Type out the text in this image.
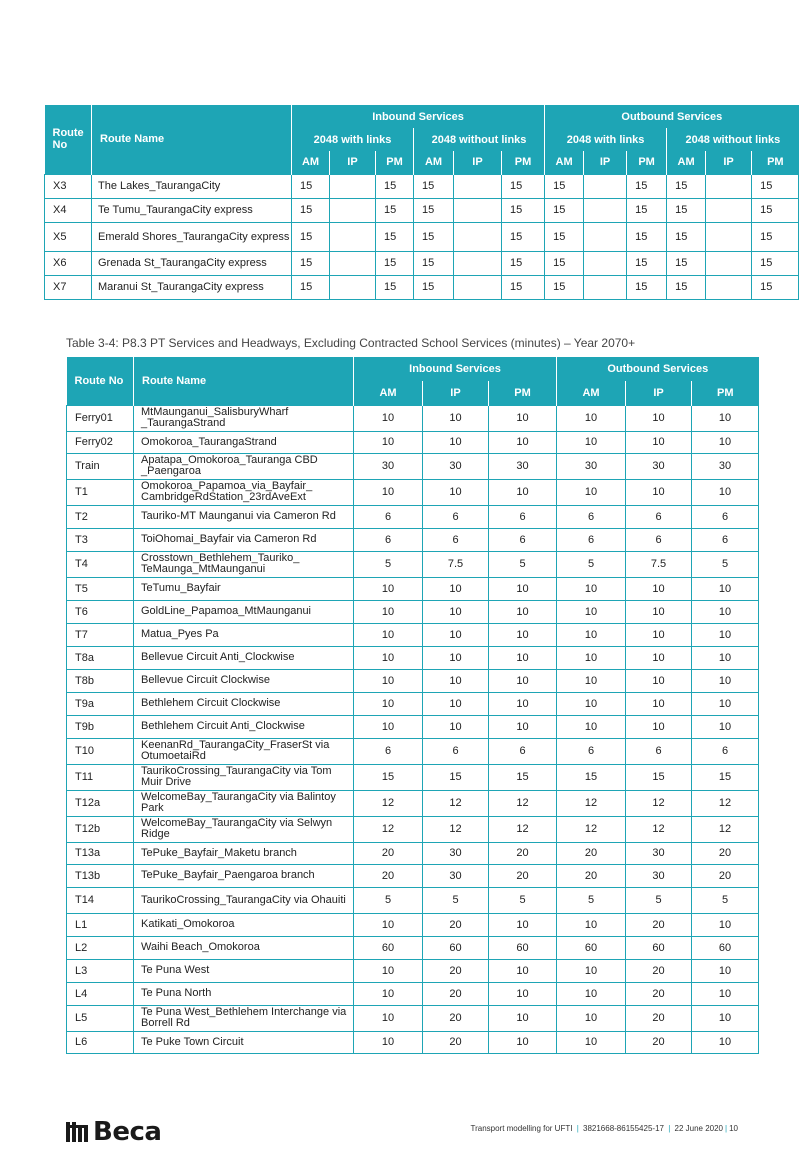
Route No	Route Name	Inbound Services						Outbound Services					
		2048 with links			2048 without links			2048 with links			2048 without links		
		AM	IP	PM	AM	IP	PM	AM	IP	PM	AM	IP	PM
X3	The Lakes_TaurangaCity	15		15	15		15	15		15	15		15
X4	Te Tumu_TaurangaCity express	15		15	15		15	15		15	15		15
X5	Emerald Shores_TaurangaCity express	15		15	15		15	15		15	15		15
X6	Grenada St_TaurangaCity express	15		15	15		15	15		15	15		15
X7	Maranui St_TaurangaCity express	15		15	15		15	15		15	15		15
Table 3-4: P8.3 PT Services and Headways, Excluding Contracted School Services (minutes) – Year 2070+
Route No	Route Name	Inbound Services			Outbound Services		
		AM	IP	PM	AM	IP	PM
Ferry01	MtMaunganui_SalisburyWharf _TaurangaStrand	10	10	10	10	10	10
Ferry02	Omokoroa_TaurangaStrand	10	10	10	10	10	10
Train	Apatapa_Omokoroa_Tauranga CBD _Paengaroa	30	30	30	30	30	30
T1	Omokoroa_Papamoa_via_Bayfair_ CambridgeRdStation_23rdAveExt	10	10	10	10	10	10
T2	Tauriko-MT Maunganui via Cameron Rd	6	6	6	6	6	6
T3	ToiOhomai_Bayfair via Cameron Rd	6	6	6	6	6	6
T4	Crosstown_Bethlehem_Tauriko_ TeMaunga_MtMaunganui	5	7.5	5	5	7.5	5
T5	TeTumu_Bayfair	10	10	10	10	10	10
T6	GoldLine_Papamoa_MtMaunganui	10	10	10	10	10	10
T7	Matua_Pyes Pa	10	10	10	10	10	10
T8a	Bellevue Circuit Anti_Clockwise	10	10	10	10	10	10
T8b	Bellevue Circuit Clockwise	10	10	10	10	10	10
T9a	Bethlehem Circuit Clockwise	10	10	10	10	10	10
T9b	Bethlehem Circuit Anti_Clockwise	10	10	10	10	10	10
T10	KeenanRd_TaurangaCity_FraserSt via OtumoetaiRd	6	6	6	6	6	6
T11	TaurikoCrossing_TaurangaCity via Tom Muir Drive	15	15	15	15	15	15
T12a	WelcomeBay_TaurangaCity via Balintoy Park	12	12	12	12	12	12
T12b	WelcomeBay_TaurangaCity via Selwyn Ridge	12	12	12	12	12	12
T13a	TePuke_Bayfair_Maketu branch	20	30	20	20	30	20
T13b	TePuke_Bayfair_Paengaroa branch	20	30	20	20	30	20
T14	TaurikoCrossing_TaurangaCity via Ohauiti	5	5	5	5	5	5
L1	Katikati_Omokoroa	10	20	10	10	20	10
L2	Waihi Beach_Omokoroa	60	60	60	60	60	60
L3	Te Puna West	10	20	10	10	20	10
L4	Te Puna North	10	20	10	10	20	10
L5	Te Puna West_Bethlehem Interchange via Borrell Rd	10	20	10	10	20	10
L6	Te Puke Town Circuit	10	20	10	10	20	10
Beca	Transport modelling for UFTI | 3821668-86155425-17 | 22 June 2020 | 10
